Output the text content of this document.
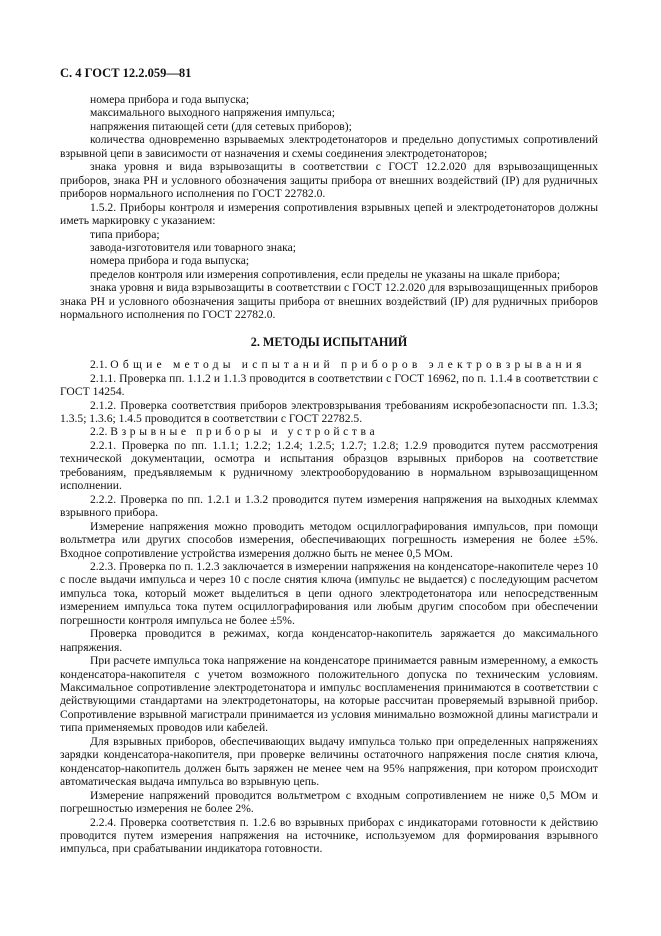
С. 4 ГОСТ 12.2.059—81

номера прибора и года выпуска;

максимального выходного напряжения импульса;

напряжения питающей сети (для сетевых приборов);

количества одновременно взрываемых электродетонаторов и предельно допустимых сопротивлений взрывной цепи в зависимости от назначения и схемы соединения электродетонаторов;

знака уровня и вида взрывозащиты в соответствии с ГОСТ 12.2.020 для взрывозащищенных приборов, знака РН и условного обозначения защиты прибора от внешних воздействий (IP) для рудничных приборов нормального исполнения по ГОСТ 22782.0.

1.5.2. Приборы контроля и измерения сопротивления взрывных цепей и электродетонаторов должны иметь маркировку с указанием:

типа прибора;

завода-изготовителя или товарного знака;

номера прибора и года выпуска;

пределов контроля или измерения сопротивления, если пределы не указаны на шкале прибора;

знака уровня и вида взрывозащиты в соответствии с ГОСТ 12.2.020 для взрывозащищенных приборов знака РН и условного обозначения защиты прибора от внешних воздействий (IP) для рудничных приборов нормального исполнения по ГОСТ 22782.0.

2. МЕТОДЫ ИСПЫТАНИЙ

2.1. Общие методы испытаний приборов электровзрывания

2.1.1. Проверка пп. 1.1.2 и 1.1.3 проводится в соответствии с ГОСТ 16962, по п. 1.1.4 в соответствии с ГОСТ 14254.

2.1.2. Проверка соответствия приборов электровзрывания требованиям искробезопасности пп. 1.3.3; 1.3.5; 1.3.6; 1.4.5 проводится в соответствии с ГОСТ 22782.5.

2.2. Взрывные приборы и устройства

2.2.1. Проверка по пп. 1.1.1; 1.2.2; 1.2.4; 1.2.5; 1.2.7; 1.2.8; 1.2.9 проводится путем рассмотрения технической документации, осмотра и испытания образцов взрывных приборов на соответствие требованиям, предъявляемым к рудничному электрооборудованию в нормальном взрывозащищенном исполнении.

2.2.2. Проверка по пп. 1.2.1 и 1.3.2 проводится путем измерения напряжения на выходных клеммах взрывного прибора.

Измерение напряжения можно проводить методом осциллографирования импульсов, при помощи вольтметра или других способов измерения, обеспечивающих погрешность измерения не более ±5%. Входное сопротивление устройства измерения должно быть не менее 0,5 МОм.

2.2.3. Проверка по п. 1.2.3 заключается в измерении напряжения на конденсаторе-накопителе через 10 с после выдачи импульса и через 10 с после снятия ключа (импульс не выдается) с последующим расчетом импульса тока, который может выделиться в цепи одного электродетонатора или непосредственным измерением импульса тока путем осциллографирования или любым другим способом при обеспечении погрешности контроля импульса не более ±5%.

Проверка проводится в режимах, когда конденсатор-накопитель заряжается до максимального напряжения.

При расчете импульса тока напряжение на конденсаторе принимается равным измеренному, а емкость конденсатора-накопителя с учетом возможного положительного допуска по техническим условиям. Максимальное сопротивление электродетонатора и импульс воспламенения принимаются в соответствии с действующими стандартами на электродетонаторы, на которые рассчитан проверяемый взрывной прибор. Сопротивление взрывной магистрали принимается из условия минимально возможной длины магистрали и типа применяемых проводов или кабелей.

Для взрывных приборов, обеспечивающих выдачу импульса только при определенных напряжениях зарядки конденсатора-накопителя, при проверке величины остаточного напряжения после снятия ключа, конденсатор-накопитель должен быть заряжен не менее чем на 95% напряжения, при котором происходит автоматическая выдача импульса во взрывную цепь.

Измерение напряжений проводится вольтметром с входным сопротивлением не ниже 0,5 МОм и погрешностью измерения не более 2%.

2.2.4. Проверка соответствия п. 1.2.6 во взрывных приборах с индикаторами готовности к действию проводится путем измерения напряжения на источнике, используемом для формирования взрывного импульса, при срабатывании индикатора готовности.
